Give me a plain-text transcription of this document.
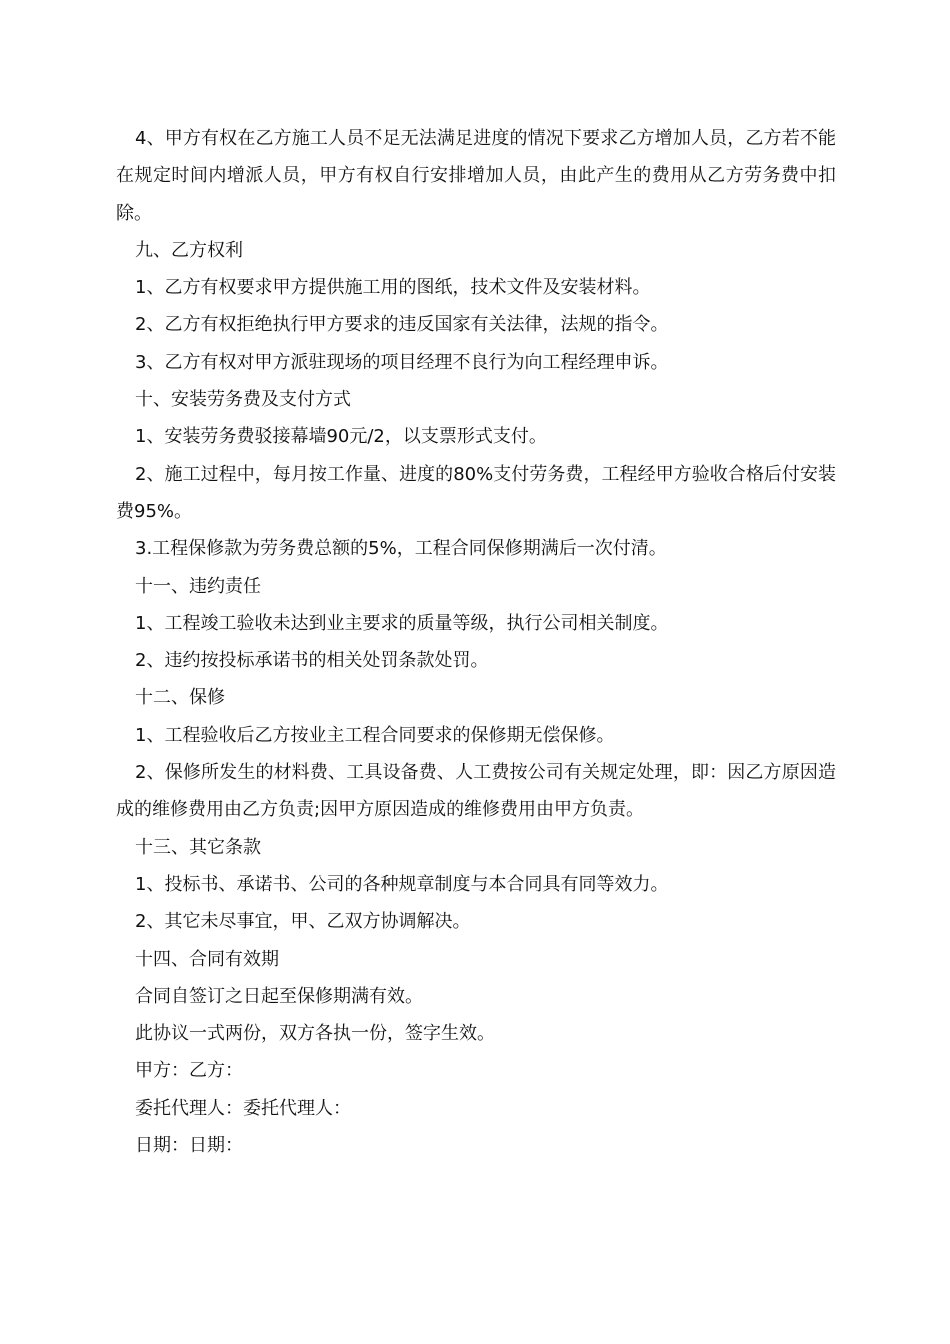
4、甲方有权在乙方施工人员不足无法满足进度的情况下要求乙方增加人员，乙方若不能在规定时间内增派人员，甲方有权自行安排增加人员，由此产生的费用从乙方劳务费中扣除。

九、乙方权利

1、乙方有权要求甲方提供施工用的图纸，技术文件及安装材料。

2、乙方有权拒绝执行甲方要求的违反国家有关法律，法规的指令。

3、乙方有权对甲方派驻现场的项目经理不良行为向工程经理申诉。

十、安装劳务费及支付方式

1、安装劳务费驳接幕墙90元/2，以支票形式支付。

2、施工过程中，每月按工作量、进度的80%支付劳务费，工程经甲方验收合格后付安装费95%。

3.工程保修款为劳务费总额的5%，工程合同保修期满后一次付清。

十一、违约责任

1、工程竣工验收未达到业主要求的质量等级，执行公司相关制度。

2、违约按投标承诺书的相关处罚条款处罚。

十二、保修

1、工程验收后乙方按业主工程合同要求的保修期无偿保修。

2、保修所发生的材料费、工具设备费、人工费按公司有关规定处理，即：因乙方原因造成的维修费用由乙方负责;因甲方原因造成的维修费用由甲方负责。

十三、其它条款

1、投标书、承诺书、公司的各种规章制度与本合同具有同等效力。

2、其它未尽事宜，甲、乙双方协调解决。

十四、合同有效期

合同自签订之日起至保修期满有效。

此协议一式两份，双方各执一份，签字生效。

甲方：乙方：

委托代理人：委托代理人：

日期：日期：
